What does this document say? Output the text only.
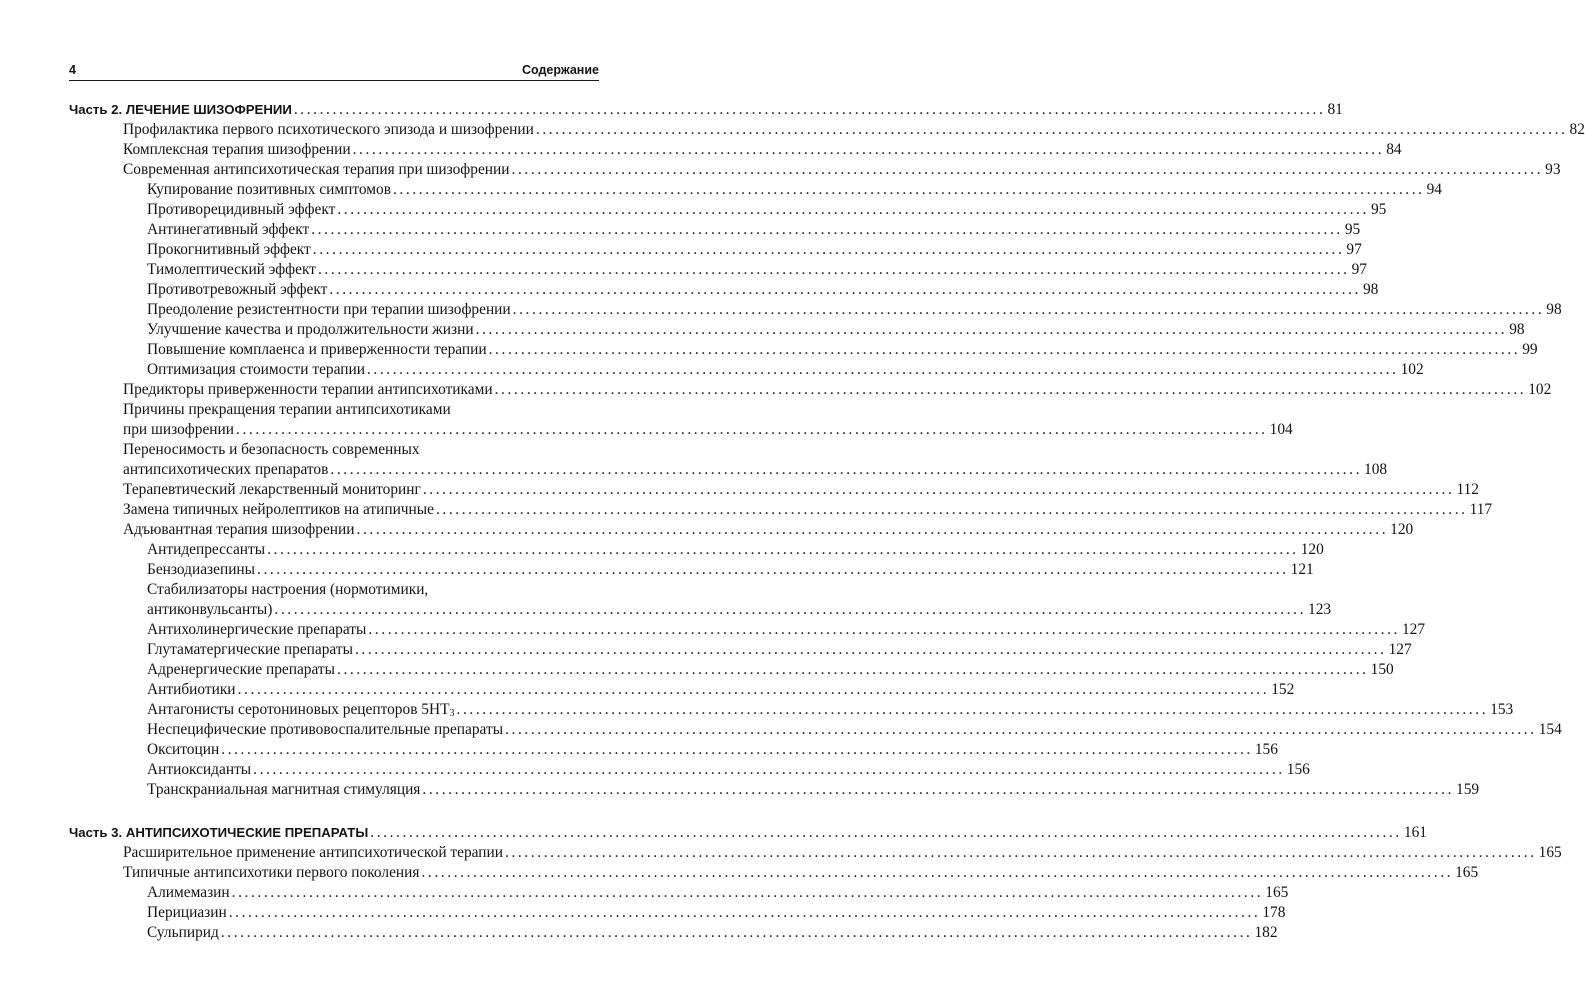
4	Содержание
Часть 2. ЛЕЧЕНИЕ ШИЗОФРЕНИИ ................................................................................................................................................................ 81
Профилактика первого психотического эпизода и шизофрении ................................................................................................................................................................ 82
Комплексная терапия шизофрении ................................................................................................................................................................ 84
Современная антипсихотическая терапия при шизофрении ................................................................................................................................................................ 93
Купирование позитивных симптомов ................................................................................................................................................................ 94
Противорецидивный эффект ................................................................................................................................................................ 95
Антинегативный эффект ................................................................................................................................................................ 95
Прокогнитивный эффект ................................................................................................................................................................ 97
Тимолептический эффект ................................................................................................................................................................ 97
Противотревожный эффект ................................................................................................................................................................ 98
Преодоление резистентности при терапии шизофрении ................................................................................................................................................................ 98
Улучшение качества и продолжительности жизни ................................................................................................................................................................ 98
Повышение комплаенса и приверженности терапии ................................................................................................................................................................ 99
Оптимизация стоимости терапии ................................................................................................................................................................ 102
Предикторы приверженности терапии антипсихотиками ................................................................................................................................................................ 102
Причины прекращения терапии антипсихотиками
при шизофрении ................................................................................................................................................................ 104
Переносимость и безопасность современных
антипсихотических препаратов ................................................................................................................................................................ 108
Терапевтический лекарственный мониторинг ................................................................................................................................................................ 112
Замена типичных нейролептиков на атипичные ................................................................................................................................................................ 117
Адъювантная терапия шизофрении ................................................................................................................................................................ 120
Антидепрессанты ................................................................................................................................................................ 120
Бензодиазепины ................................................................................................................................................................ 121
Стабилизаторы настроения (нормотимики,
антиконвульсанты) ................................................................................................................................................................ 123
Антихолинергические препараты ................................................................................................................................................................ 127
Глутаматергические препараты ................................................................................................................................................................ 127
Адренергические препараты ................................................................................................................................................................ 150
Антибиотики ................................................................................................................................................................ 152
Антагонисты серотониновых рецепторов $5HT_3$ ................................................................................................................................................................ 153
Неспецифические противовоспалительные препараты ................................................................................................................................................................ 154
Окситоцин ................................................................................................................................................................ 156
Антиоксиданты ................................................................................................................................................................ 156
Транскраниальная магнитная стимуляция ................................................................................................................................................................ 159
Часть 3. АНТИПСИХОТИЧЕСКИЕ ПРЕПАРАТЫ ................................................................................................................................................................ 161
Расширительное применение антипсихотической терапии ................................................................................................................................................................ 165
Типичные антипсихотики первого поколения ................................................................................................................................................................ 165
Алимемазин ................................................................................................................................................................ 165
Перициазин ................................................................................................................................................................ 178
Сульпирид ................................................................................................................................................................ 182
